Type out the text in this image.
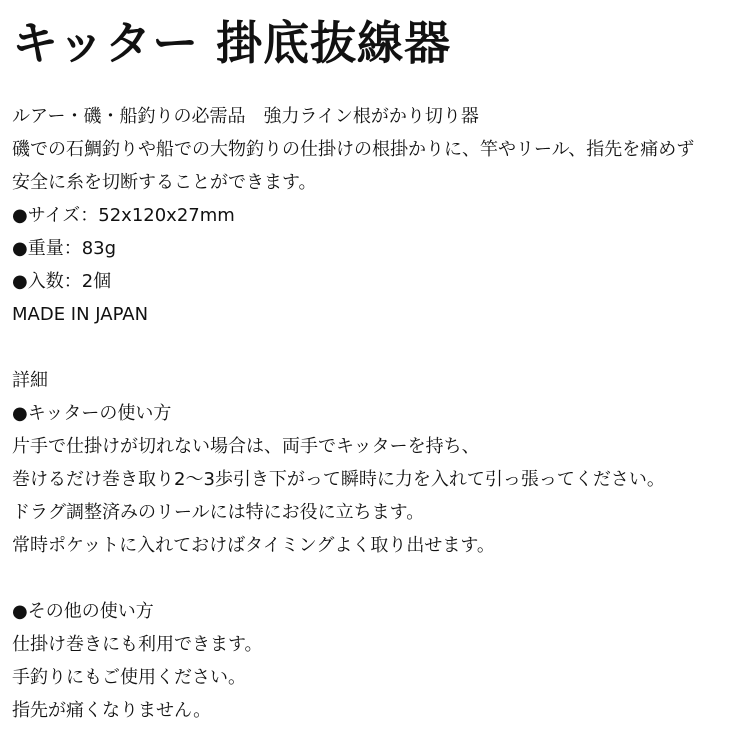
キッター 掛底抜線器
ルアー・磯・船釣りの必需品　強力ライン根がかり切り器
磯での石鯛釣りや船での大物釣りの仕掛けの根掛かりに、竿やリール、指先を痛めず
安全に糸を切断することができます。
●サイズ：52x120x27mm
●重量：83g
●入数：2個
MADE IN JAPAN
詳細
●キッターの使い方
片手で仕掛けが切れない場合は、両手でキッターを持ち、
巻けるだけ巻き取り2〜3歩引き下がって瞬時に力を入れて引っ張ってください。
ドラグ調整済みのリールには特にお役に立ちます。
常時ポケットに入れておけばタイミングよく取り出せます。
●その他の使い方
仕掛け巻きにも利用できます。
手釣りにもご使用ください。
指先が痛くなりません。
